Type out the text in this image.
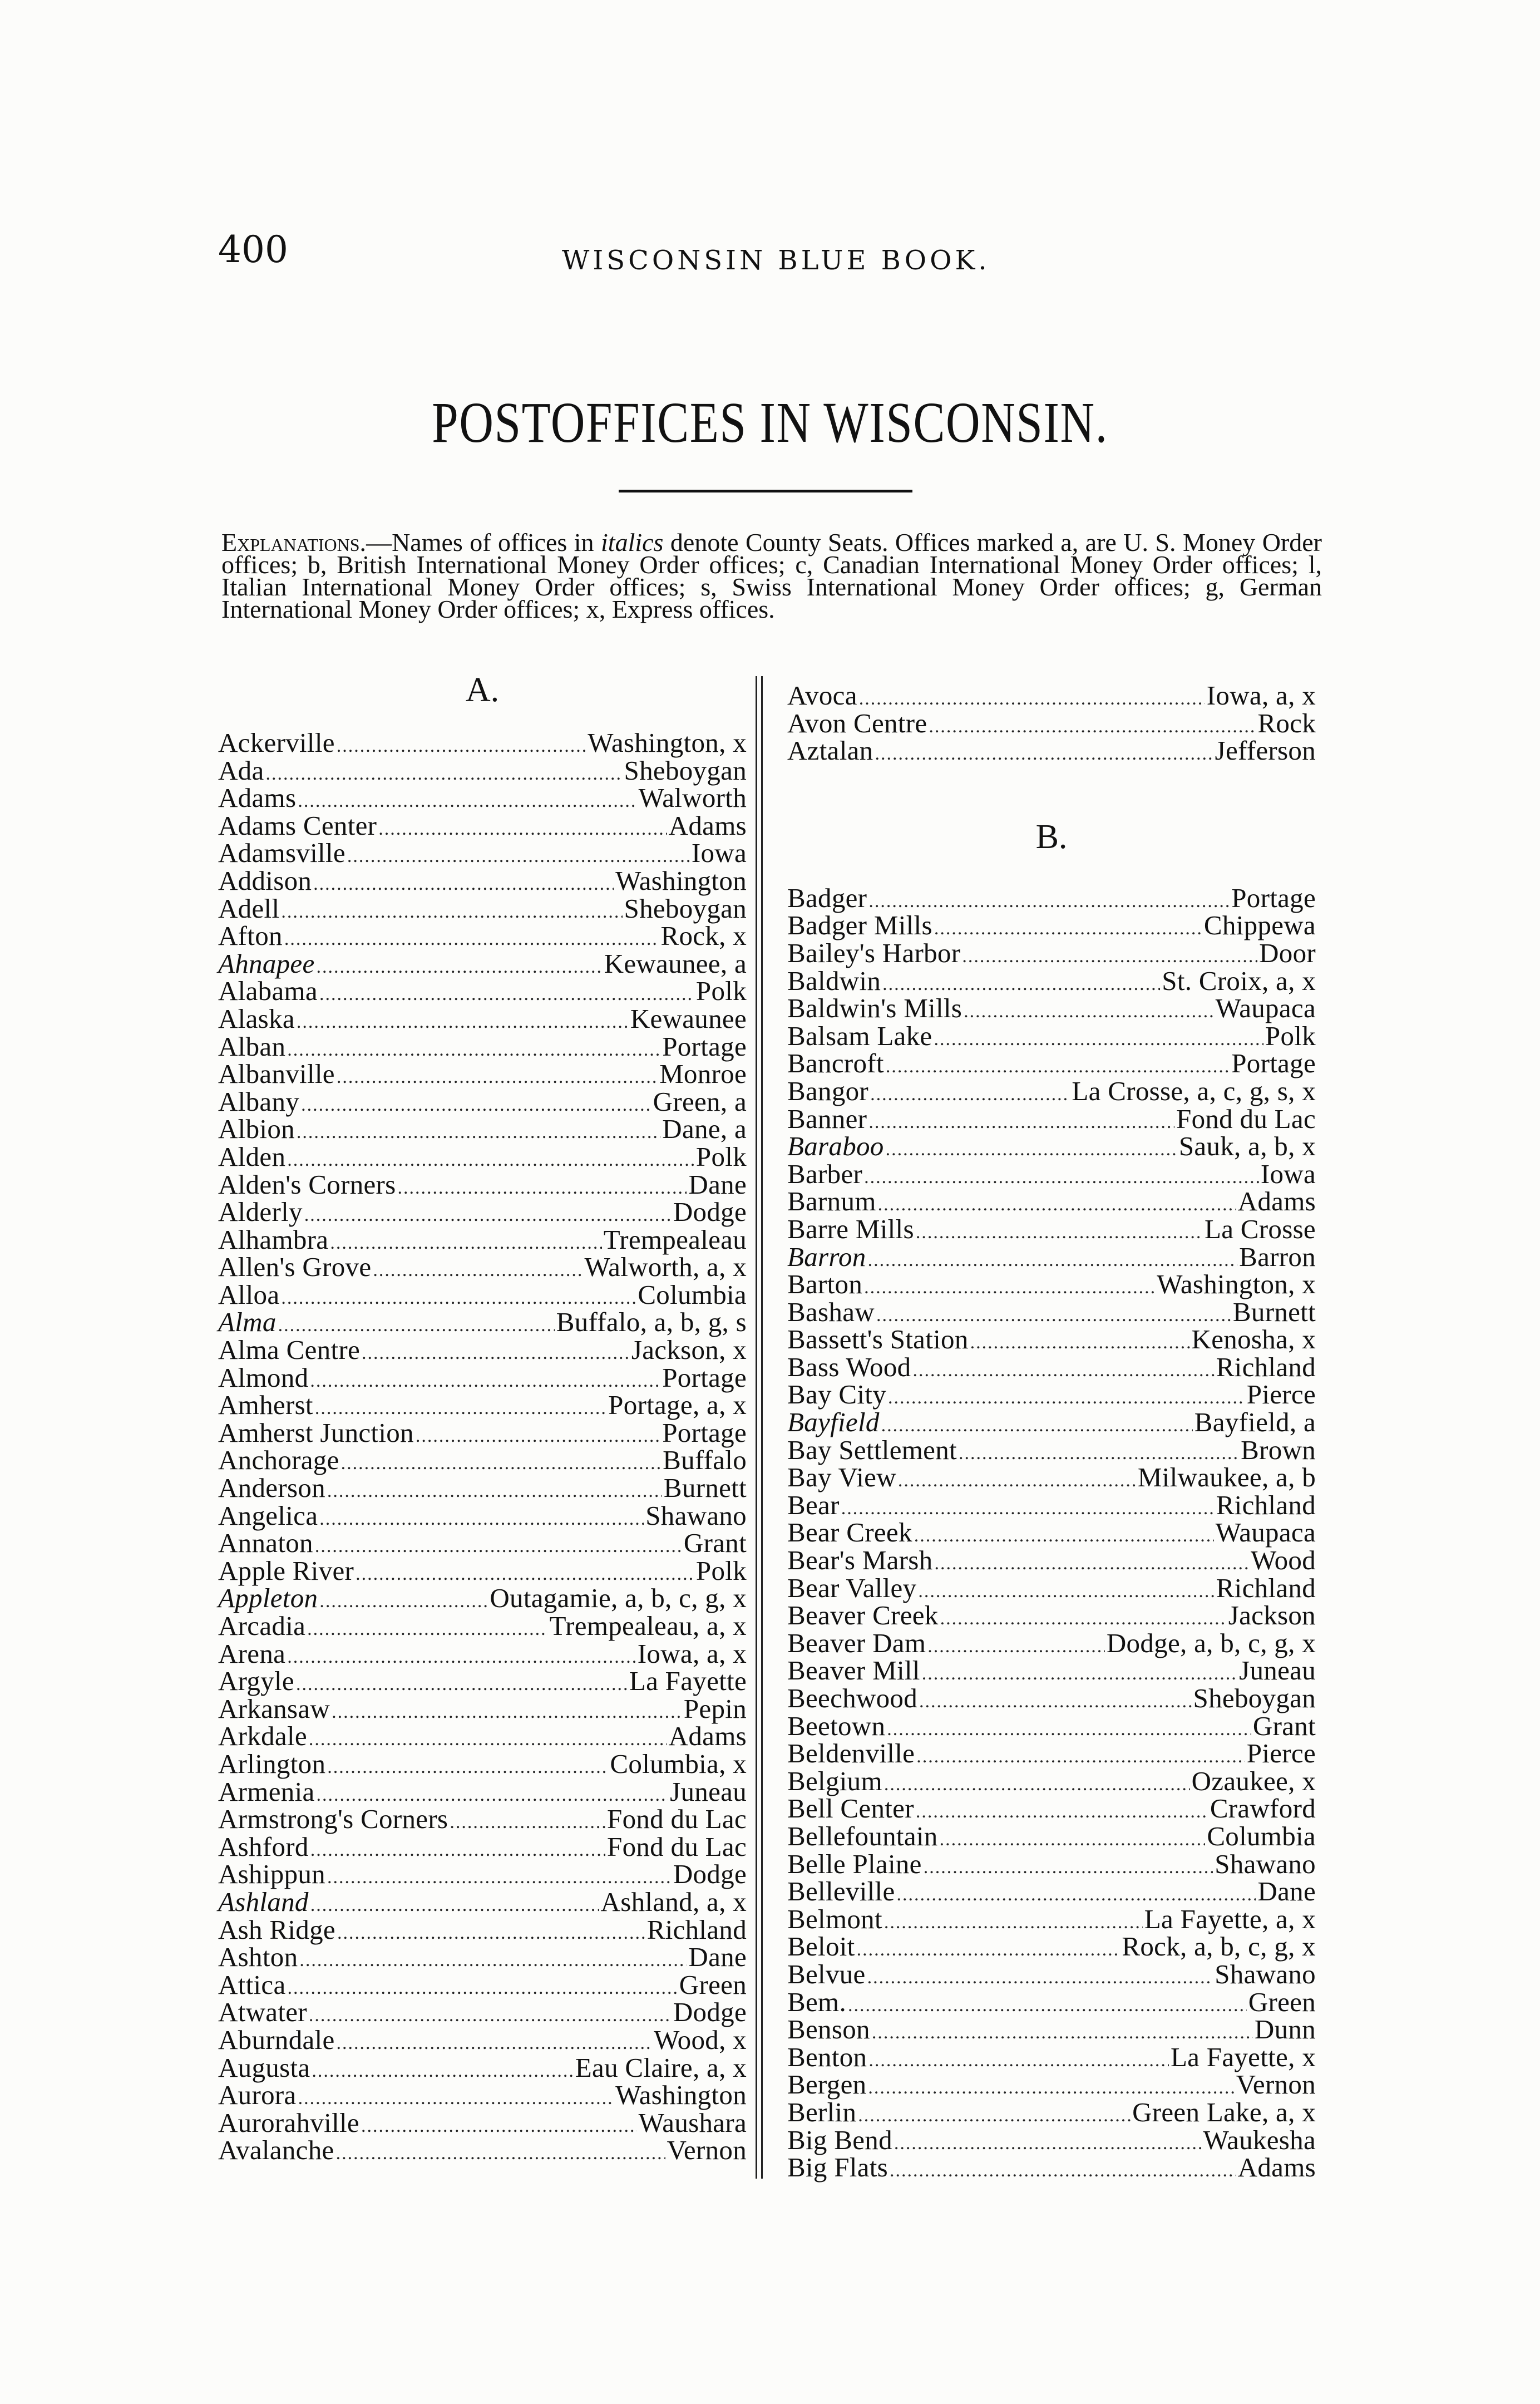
400	WISCONSIN BLUE BOOK.
POSTOFFICES IN WISCONSIN.
Explanations.—Names of offices in italics denote County Seats. Offices marked a, are U. S. Money Order offices; b, British International Money Order offices; c, Canadian International Money Order offices; l, Italian International Money Order offices; s, Swiss International Money Order offices; g, German International Money Order offices; x, Express offices.
A.
Ackerville .....	Washington, x
Ada .....	Sheboygan
Adams .....	Walworth
Adams Center .....	Adams
Adamsville .....	Iowa
Addison .....	Washington
Adell .....	Sheboygan
Afton .....	Rock, x
Ahnapee .....	Kewaunee, a
Alabama .....	Polk
Alaska .....	Kewaunee
Alban .....	Portage
Albanville .....	Monroe
Albany .....	Green, a
Albion .....	Dane, a
Alden .....	Polk
Alden's Corners .....	Dane
Alderly .....	Dodge
Alhambra .....	Trempealeau
Allen's Grove .....	Walworth, a, x
Alloa .....	Columbia
Alma .....	Buffalo, a, b, g, s
Alma Centre .....	Jackson, x
Almond .....	Portage
Amherst .....	Portage, a, x
Amherst Junction .....	Portage
Anchorage .....	Buffalo
Anderson .....	Burnett
Angelica .....	Shawano
Annaton .....	Grant
Apple River .....	Polk
Appleton .....	Outagamie, a, b, c, g, x
Arcadia .....	Trempealeau, a, x
Arena .....	Iowa, a, x
Argyle .....	La Fayette
Arkansaw .....	Pepin
Arkdale .....	Adams
Arlington .....	Columbia, x
Armenia .....	Juneau
Armstrong's Corners .....	Fond du Lac
Ashford .....	Fond du Lac
Ashippun .....	Dodge
Ashland .....	Ashland, a, x
Ash Ridge .....	Richland
Ashton .....	Dane
Attica .....	Green
Atwater .....	Dodge
Aburndale .....	Wood, x
Augusta .....	Eau Claire, a, x
Aurora .....	Washington
Aurorahville .....	Waushara
Avalanche .....	Vernon
Avoca .....	Iowa, a, x
Avon Centre .....	Rock
Aztalan .....	Jefferson
B.
Badger .....	Portage
Badger Mills .....	Chippewa
Bailey's Harbor .....	Door
Baldwin .....	St. Croix, a, x
Baldwin's Mills .....	Waupaca
Balsam Lake .....	Polk
Bancroft .....	Portage
Bangor .....	La Crosse, a, c, g, s, x
Banner .....	Fond du Lac
Baraboo .....	Sauk, a, b, x
Barber .....	Iowa
Barnum .....	Adams
Barre Mills .....	La Crosse
Barron .....	Barron
Barton .....	Washington, x
Bashaw .....	Burnett
Bassett's Station .....	Kenosha, x
Bass Wood .....	Richland
Bay City .....	Pierce
Bayfield .....	Bayfield, a
Bay Settlement .....	Brown
Bay View .....	Milwaukee, a, b
Bear .....	Richland
Bear Creek .....	Waupaca
Bear's Marsh .....	Wood
Bear Valley .....	Richland
Beaver Creek .....	Jackson
Beaver Dam .....	Dodge, a, b, c, g, x
Beaver Mill .....	Juneau
Beechwood .....	Sheboygan
Beetown .....	Grant
Beldenville .....	Pierce
Belgium .....	Ozaukee, x
Bell Center .....	Crawford
Bellefountain .....	Columbia
Belle Plaine .....	Shawano
Belleville .....	Dane
Belmont .....	La Fayette, a, x
Beloit .....	Rock, a, b, c, g, x
Belvue .....	Shawano
Bem. .....	Green
Benson .....	Dunn
Benton .....	La Fayette, x
Bergen .....	Vernon
Berlin .....	Green Lake, a, x
Big Bend .....	Waukesha
Big Flats .....	Adams
